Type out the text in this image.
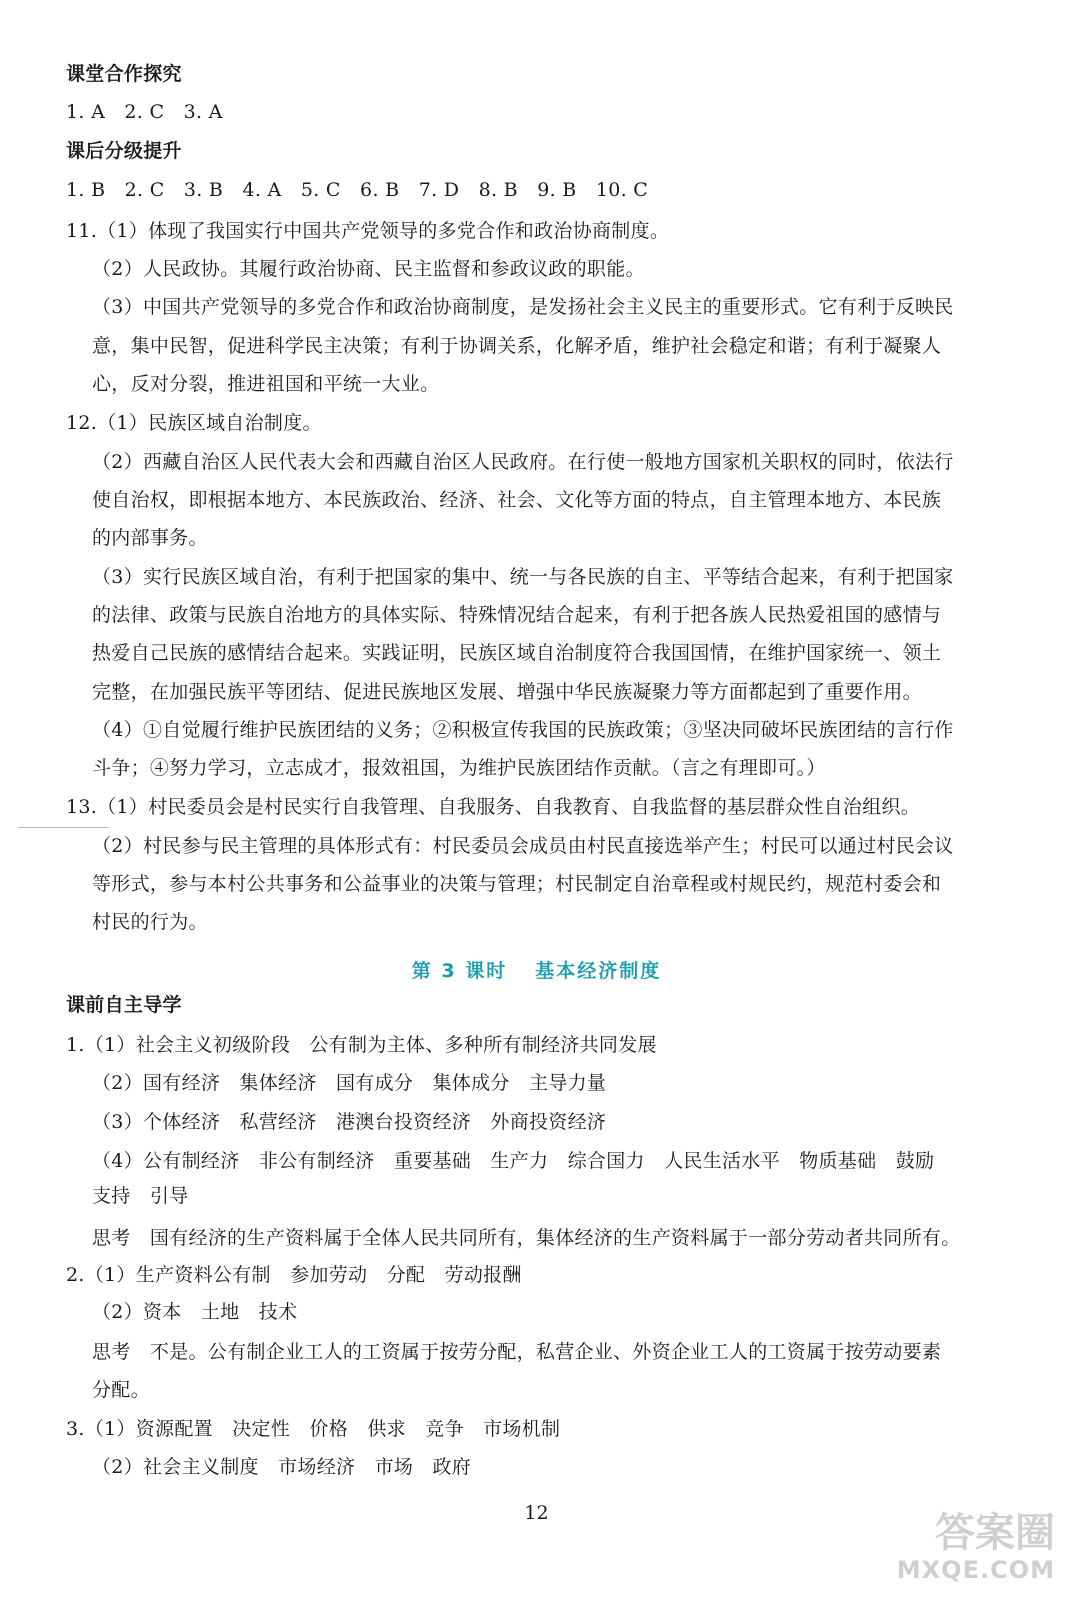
课堂合作探究
1. A　2. C　3. A
课后分级提升
1. B　2. C　3. B　4. A　5. C　6. B　7. D　8. B　9. B　10. C
11.（1）体现了我国实行中国共产党领导的多党合作和政治协商制度。
（2）人民政协。其履行政治协商、民主监督和参政议政的职能。
（3）中国共产党领导的多党合作和政治协商制度，是发扬社会主义民主的重要形式。它有利于反映民
意，集中民智，促进科学民主决策；有利于协调关系，化解矛盾，维护社会稳定和谐；有利于凝聚人
心，反对分裂，推进祖国和平统一大业。
12.（1）民族区域自治制度。
（2）西藏自治区人民代表大会和西藏自治区人民政府。在行使一般地方国家机关职权的同时，依法行
使自治权，即根据本地方、本民族政治、经济、社会、文化等方面的特点，自主管理本地方、本民族
的内部事务。
（3）实行民族区域自治，有利于把国家的集中、统一与各民族的自主、平等结合起来，有利于把国家
的法律、政策与民族自治地方的具体实际、特殊情况结合起来，有利于把各族人民热爱祖国的感情与
热爱自己民族的感情结合起来。实践证明，民族区域自治制度符合我国国情，在维护国家统一、领土
完整，在加强民族平等团结、促进民族地区发展、增强中华民族凝聚力等方面都起到了重要作用。
（4）①自觉履行维护民族团结的义务；②积极宣传我国的民族政策；③坚决同破坏民族团结的言行作
斗争；④努力学习，立志成才，报效祖国，为维护民族团结作贡献。（言之有理即可。）
13.（1）村民委员会是村民实行自我管理、自我服务、自我教育、自我监督的基层群众性自治组织。
（2）村民参与民主管理的具体形式有：村民委员会成员由村民直接选举产生；村民可以通过村民会议
等形式，参与本村公共事务和公益事业的决策与管理；村民制定自治章程或村规民约，规范村委会和
村民的行为。
第 3 课时 基本经济制度
课前自主导学
1.（1）社会主义初级阶段　公有制为主体、多种所有制经济共同发展
（2）国有经济　集体经济　国有成分　集体成分　主导力量
（3）个体经济　私营经济　港澳台投资经济　外商投资经济
（4）公有制经济　非公有制经济　重要基础　生产力　综合国力　人民生活水平　物质基础　鼓励
支持　引导
思考　国有经济的生产资料属于全体人民共同所有，集体经济的生产资料属于一部分劳动者共同所有。
2.（1）生产资料公有制　参加劳动　分配　劳动报酬
（2）资本　土地　技术
思考　不是。公有制企业工人的工资属于按劳分配，私营企业、外资企业工人的工资属于按劳动要素
分配。
3.（1）资源配置　决定性　价格　供求　竞争　市场机制
（2）社会主义制度　市场经济　市场　政府
12	答案圈
MXQE.COM
